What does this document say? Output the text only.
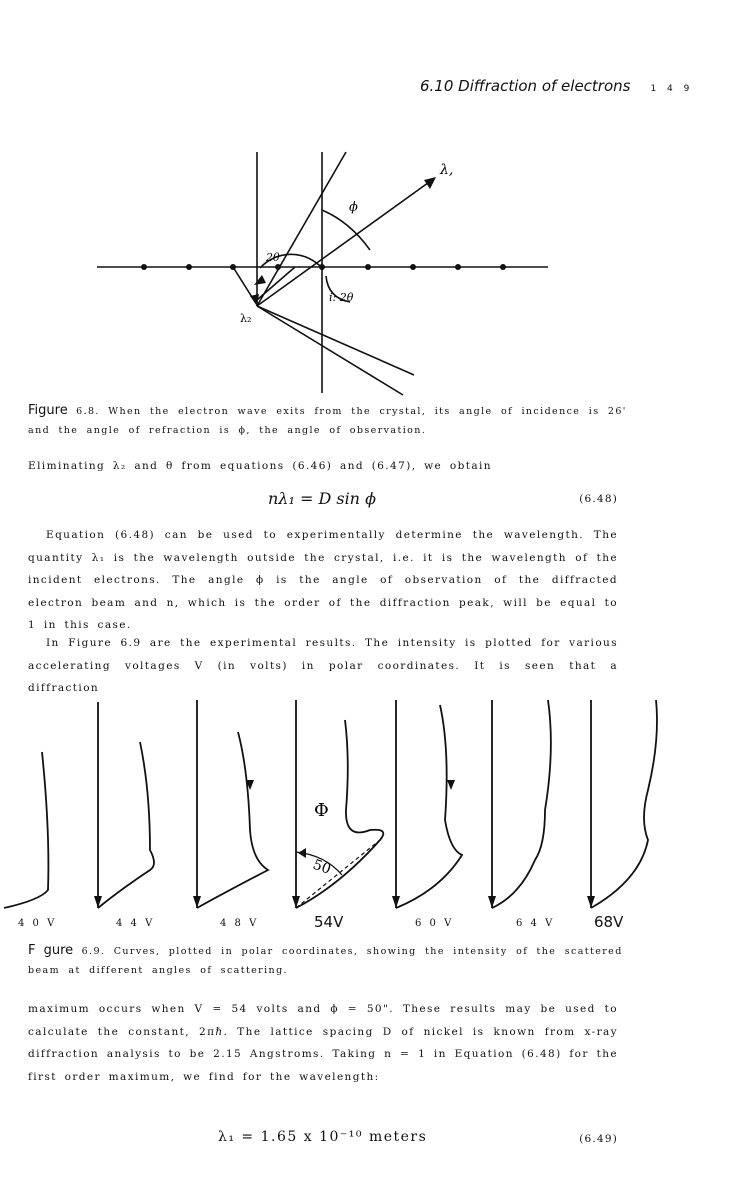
6.10 Diffraction of electrons 1 4 9
λ,
ϕ
2θ
i: 2θ
λ₂
Figure 6.8. When the electron wave exits from the crystal, its angle of incidence is 26'
and the angle of refraction is ϕ, the angle of observation.
Eliminating λ₂ and θ from equations (6.46) and (6.47), we obtain
nλ₁ = D sin ϕ	(6.48)
Equation (6.48) can be used to experimentally determine the wavelength. The quantity λ₁ is the wavelength outside the crystal, i.e. it is the wavelength of the incident electrons. The angle ϕ is the angle of observation of the diffracted electron beam and n, which is the order of the diffraction peak, will be equal to 1 in this case.
In Figure 6.9 are the experimental results. The intensity is plotted for various accelerating voltages V (in volts) in polar coordinates. It is seen that a diffraction
Φ
50
4 0 V	4 4 V	4 8 V	54V	6 0 V	6 4 V	68V
F gure 6.9. Curves, plotted in polar coordinates, showing the intensity of the scattered
beam at different angles of scattering.
maximum occurs when V = 54 volts and ϕ = 50". These results may be used to calculate the constant, 2πℏ. The lattice spacing D of nickel is known from x-ray diffraction analysis to be 2.15 Angstroms. Taking n = 1 in Equation (6.48) for the first order maximum, we find for the wavelength:
λ₁ = 1.65 x 10⁻¹⁰ meters	(6.49)
